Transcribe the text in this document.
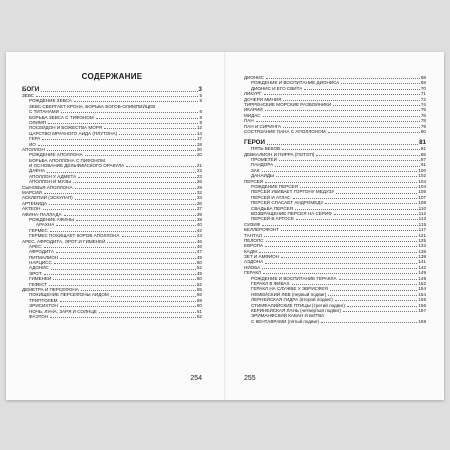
СОДЕРЖАНИЕ
БОГИ	3
ЗЕВС	5
РОЖДЕНИЕ ЗЕВСА	5
ЗЕВС СВЕРГАЕТ КРОНА. БОРЬБА БОГОВ-ОЛИМПИЙЦЕВ
С ТИТАНАМИ	6
БОРЬБА ЗЕВСА С ТИФОНОМ	8
ОЛИМП	9
ПОСЕЙДОН И БОЖЕСТВА МОРЯ	12
ЦАРСТВО МРАЧНОГО АИДА (ПЛУТОНА)	14
ГЕРА	17
ИО	18
АПОЛЛОН	20
РОЖДЕНИЕ АПОЛЛОНА	20
БОРЬБА АПОЛЛОНА С ПИФОНОМ
И ОСНОВАНИЕ ДЕЛЬФИЙСКОГО ОРАКУЛА	21
ДАФНА	22
АПОЛЛОН У АДМЕТА	23
АПОЛЛОН И МУЗЫ	26
СЫНОВЬЯ АПОЛЛОНА	29
МАРСИЙ	32
АСКЛЕПИЙ (ЭСКУЛАП)	33
АРТЕМИДА	36
АКТЕОН	37
АФИНА-ПАЛЛАДА	39
РОЖДЕНИЕ АФИНЫ	39
АРАХНА	40
ГЕРМЕС	42
ГЕРМЕС ПОХИЩАЕТ КОРОВ АПОЛЛОНА	43
АРЕС, АФРОДИТА, ЭРОТ И ГИМЕНЕЙ	46
АРЕС	46
АФРОДИТА	47
ПИГМАЛИОН	49
НАРЦИСС	50
АДОНИС	52
ЭРОТ	49
ГИМЕНЕЙ	50
ГЕФЕСТ	52
ДЕМЕТРА И ПЕРСЕФОНА	55
ПОХИЩЕНИЕ ПЕРСЕФОНЫ АИДОМ	55
ТРИПТОЛЕМ	59
ЭРИСИХТОН	60
НОЧЬ, ЛУНА, ЗАРЯ И СОЛНЦЕ	61
ФАЭТОН	62
254
ДИОНИС	69
РОЖДЕНИЕ И ВОСПИТАНИЕ ДИОНИСА	69
ДИОНИС И ЕГО СВИТА	70
ЛИКУРГ	71
ДОЧЕРИ МИНИЯ	72
ТИРРЕНСКИЕ МОРСКИЕ РАЗБОЙНИКИ	74
ИКАРИЙ	75
МИДАС	76
ПАН	78
ПАН И СИРИНГА	79
СОСТЯЗАНИЕ ПАНА С АПОЛЛОНОМ	80
ГЕРОИ	81
ПЯТЬ ВЕКОВ	81
ДЕВКАЛИОН И ПИРРА (ПОТОП)	85
ПРОМЕТЕЙ	87
ПАНДОРА	91
ЗАК	100
ДАНАИДЫ	102
ПЕРСЕЙ	104
РОЖДЕНИЕ ПЕРСЕЯ	104
ПЕРСЕЙ УБИВАЕТ ГОРГОНУ МЕДУЗУ	105
ПЕРСЕЙ И АТЛАС	107
ПЕРСЕЙ СПАСАЕТ АНДРОМЕДУ	108
СВАДЬБА ПЕРСЕЯ	110
ВОЗВРАЩЕНИЕ ПЕРСЕЯ НА СЕРИФ	112
ПЕРСЕЙ В АРГОСЕ	113
СИЗИФ	115
БЕЛЛЕРОФОНТ	117
ТАНТАЛ	121
ПЕЛОПС	125
ЕВРОПА	132
КАДМ	135
ЗЕТ И АМФИОН	138
АЭДОНА	141
НИОБА	142
ГЕРАКЛ	149
РОЖДЕНИЕ И ВОСПИТАНИЕ ГЕРАКЛА	149
ГЕРАКЛ В ФИВАХ	152
ГЕРАКЛ НА СЛУЖБЕ У ЭВРИСФЕЯ	154
НЕМЕЙСКИЙ ЛЕВ (первый подвиг)	154
ЛЕРНЕЙСКАЯ ГИДРА (второй подвиг)	155
СТИМФАЛИЙСКИЕ ПТИЦЫ (третий подвиг)	156
КЕРИНЕЙСКАЯ ЛАНЬ (четвертый подвиг)	157
ЭРИМАНФСКИЙ КАБАН И БИТВА
С КЕНТАВРАМИ (пятый подвиг)	159
255
